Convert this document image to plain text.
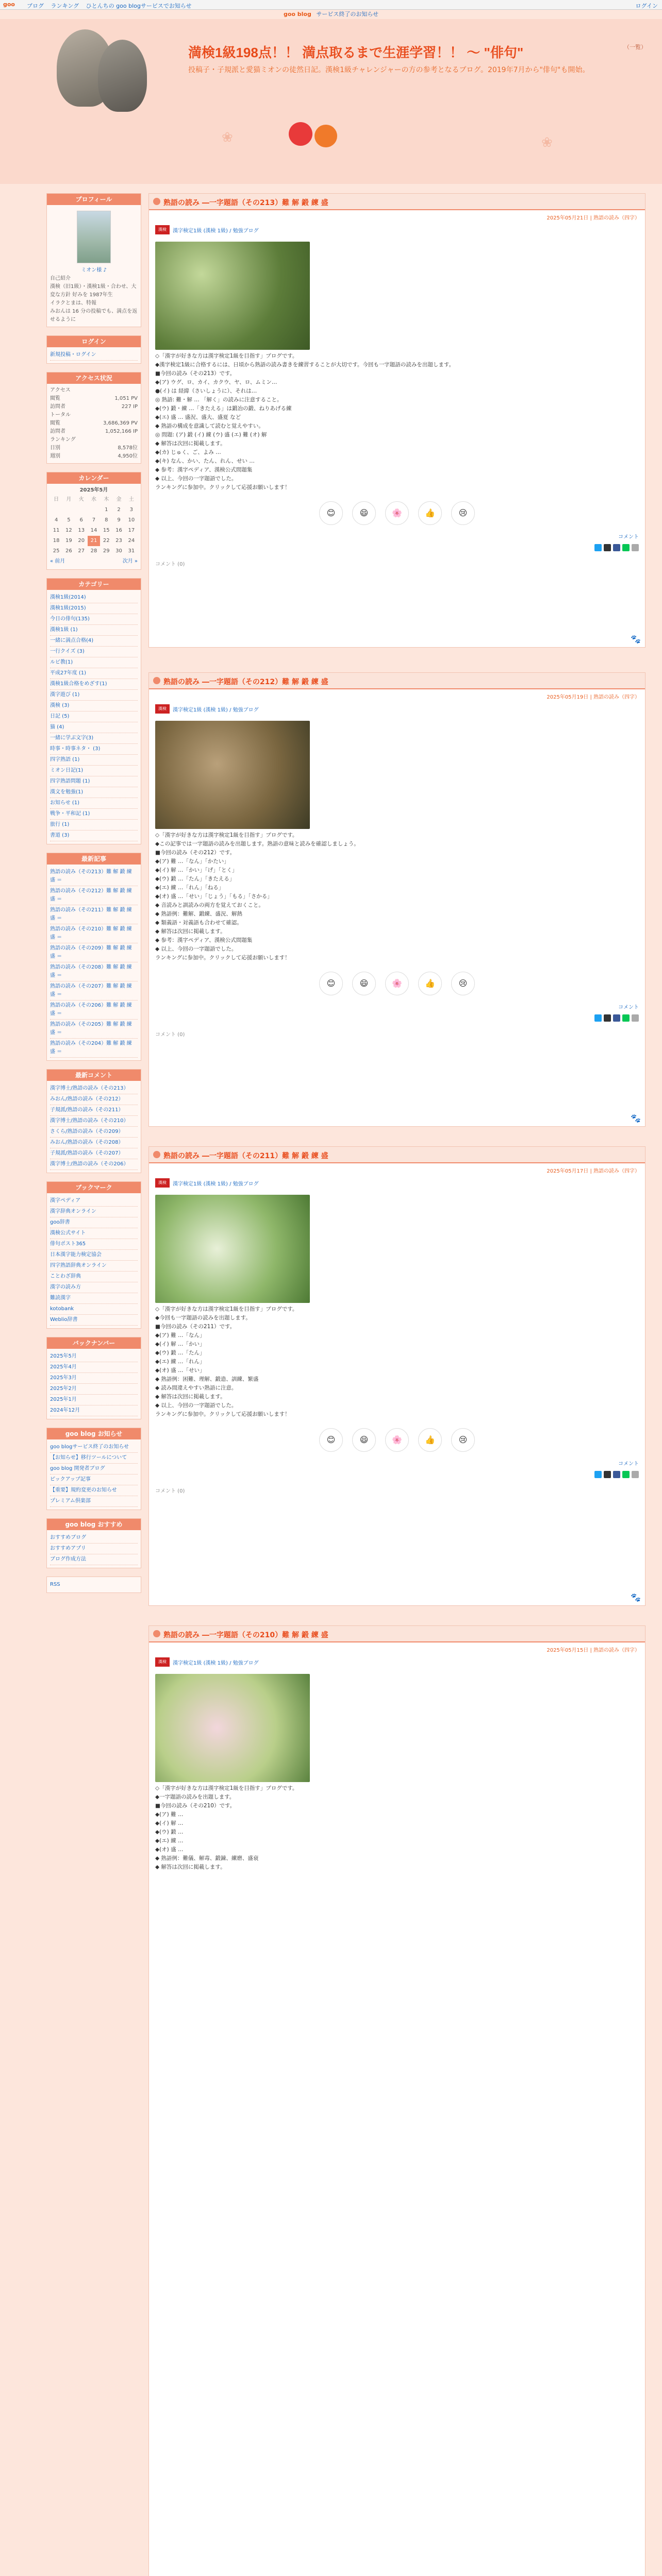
goo ブログ ランキング ひとんちの goo blogサービスでお知らせ	ログイン
goo blog サービス終了のお知らせ
❀	❀
満検1級198点！！ 満点取るまで生涯学習！！ ～ "俳句"
投稿子・子規派と愛猫ミオンの徒然日記。漢検1級チャレンジャーの方の参考となるブログ。2019年7月から"俳句"も開始。
（一覧）
プロフィール
ミオン様 ♪
自己紹介
漢検（旧1級）・漢検1級・合わせ、大変な方針 好みを 1987年生
イラクとまは、特報
みおんは 16 分の投稿でも、満点を返せるように
ログイン
新規投稿・ログイン
アクセス状況
アクセス
閲覧	1,051 PV
訪問者	227 IP
トータル
閲覧	3,686,369 PV
訪問者	1,052,166 IP
ランキング
日別	8,578位
週別	4,950位
カレンダー
2025年5月
日	月	火	水	木	金	土
				1	2	3
4	5	6	7	8	9	10
11	12	13	14	15	16	17
18	19	20	21	22	23	24
25	26	27	28	29	30	31
« 前月	次月 »
カテゴリー
漢検1級(2014)
漢検1級(2015)
今日の俳句(135)
漢検1級 (1)
一緒に満点合格(4)
一行クイズ (3)
ルビ教(1)
平成27年度 (1)
漢検1級合格をめざす(1)
漢字遊び (1)
漢検 (3)
日記 (5)
猫 (4)
一緒に学ぶ文字(3)
時事・時事ネタ・ (3)
四字熟語 (1)
ミオン日記(1)
四字熟語問題 (1)
漢文を勉強(1)
お知らせ (1)
戦争・平和記 (1)
旅行 (1)
書道 (3)
最新記事
熟語の読み（その213）難 解 鍛 練 盛 ＝
熟語の読み（その212）難 解 鍛 練 盛 ＝
熟語の読み（その211）難 解 鍛 練 盛 ＝
熟語の読み（その210）難 解 鍛 練 盛 ＝
熟語の読み（その209）難 解 鍛 練 盛 ＝
熟語の読み（その208）難 解 鍛 練 盛 ＝
熟語の読み（その207）難 解 鍛 練 盛 ＝
熟語の読み（その206）難 解 鍛 練 盛 ＝
熟語の読み（その205）難 解 鍛 練 盛 ＝
熟語の読み（その204）難 解 鍛 練 盛 ＝
最新コメント
漢字博士/熟語の読み（その213）
みおん/熟語の読み（その212）
子規派/熟語の読み（その211）
漢字博士/熟語の読み（その210）
さくら/熟語の読み（その209）
みおん/熟語の読み（その208）
子規派/熟語の読み（その207）
漢字博士/熟語の読み（その206）
ブックマーク
漢字ペディア
漢字辞典オンライン
goo辞書
漢検公式サイト
俳句ポスト365
日本漢字能力検定協会
四字熟語辞典オンライン
ことわざ辞典
漢字の読み方
難読漢字
kotobank
Weblio辞書
バックナンバー
2025年5月
2025年4月
2025年3月
2025年2月
2025年1月
2024年12月
goo blog お知らせ
goo blogサービス終了のお知らせ
【お知らせ】移行ツールについて
goo blog 開発者ブログ
ピックアップ記事
【重要】規約変更のお知らせ
プレミアム倶楽部
goo blog おすすめ
おすすめブログ
おすすめアプリ
ブログ作成方法
RSS
熟語の読み ―一字題語（その213）難 解 鍛 練 盛
2025年05月21日 | 熟語の読み（四字）
漢検	漢字検定1級 (漢検 1級) / 勉強ブログ
◇「漢字が好きな方は漢字検定1級を目指す」ブログです。
◆漢字検定1級に合格するには、日頃から熟語の読み書きを練習することが大切です。今回も一字題語の読みを出題します。
■今回の読み（その213）です。
◆(ア) ウグ、ロ、カイ、カクウ、ヤ、ロ、ムミン…
●(イ) は 経緯（さいしょうに）、それは…
◎ 熟語: 難・解 … 「解く」の読みに注意すること。
◆(ウ) 鍛・練 …「きたえる」は鍛冶の鍛、ねりあげる練
◆(エ) 盛 … 盛況、盛大、盛夏 など
◆ 熟語の構成を意識して読むと覚えやすい。
◎ 問題: (ア) 鍛 (イ) 練 (ウ) 盛 (エ) 難 (オ) 解
◆ 解答は次回に掲載します。
◆(カ) じゅく、ご、よみ …
◆(キ) なん、かい、たん、れん、せい …
◆ 参考：漢字ペディア、漢検公式問題集
◆ 以上、今回の一字題語でした。
ランキングに参加中。クリックして応援お願いします！
😊	😄	🌸	👍	😢
コメント
コメント (0)
🐾
熟語の読み ―一字題語（その212）難 解 鍛 練 盛
2025年05月19日 | 熟語の読み（四字）
漢検	漢字検定1級 (漢検 1級) / 勉強ブログ
◇「漢字が好きな方は漢字検定1級を目指す」ブログです。
◆この記事では一字題語の読みを出題します。熟語の意味と読みを確認しましょう。
■今回の読み（その212）です。
◆(ア) 難 …「なん」「かたい」
◆(イ) 解 …「かい」「げ」「とく」
◆(ウ) 鍛 …「たん」「きたえる」
◆(エ) 練 …「れん」「ねる」
◆(オ) 盛 …「せい」「じょう」「もる」「さかる」
◆ 音読みと訓読みの両方を覚えておくこと。
◆ 熟語例：難解、鍛練、盛況、解熱
◆ 類義語・対義語も合わせて確認。
◆ 解答は次回に掲載します。
◆ 参考：漢字ペディア、漢検公式問題集
◆ 以上、今回の一字題語でした。
ランキングに参加中。クリックして応援お願いします！
😊	😄	🌸	👍	😢
コメント
コメント (0)
🐾
熟語の読み ―一字題語（その211）難 解 鍛 練 盛
2025年05月17日 | 熟語の読み（四字）
漢検	漢字検定1級 (漢検 1級) / 勉強ブログ
◇「漢字が好きな方は漢字検定1級を目指す」ブログです。
◆今回も一字題語の読みを出題します。
■今回の読み（その211）です。
◆(ア) 難 …「なん」
◆(イ) 解 …「かい」
◆(ウ) 鍛 …「たん」
◆(エ) 練 …「れん」
◆(オ) 盛 …「せい」
◆ 熟語例：困難、理解、鍛造、訓練、繁盛
◆ 読み間違えやすい熟語に注意。
◆ 解答は次回に掲載します。
◆ 以上、今回の一字題語でした。
ランキングに参加中。クリックして応援お願いします！
😊	😄	🌸	👍	😢
コメント
コメント (0)
🐾
熟語の読み ―一字題語（その210）難 解 鍛 練 盛
2025年05月15日 | 熟語の読み（四字）
漢検	漢字検定1級 (漢検 1級) / 勉強ブログ
◇「漢字が好きな方は漢字検定1級を目指す」ブログです。
◆一字題語の読みを出題します。
■今回の読み（その210）です。
◆(ア) 難 …
◆(イ) 解 …
◆(ウ) 鍛 …
◆(エ) 練 …
◆(オ) 盛 …
◆ 熟語例：難儀、解毒、鍛錬、練磨、盛衰
◆ 解答は次回に掲載します。
